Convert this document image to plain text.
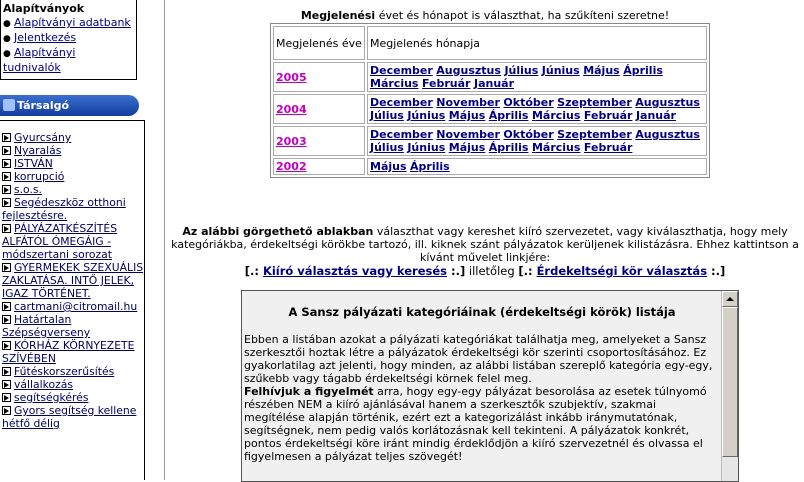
Alapítványok
● Alapítványi adatbank
● Jelentkezés
● Alapítványi tudnivalók
Társalgó
Gyurcsány
Nyaralás
ISTVÁN
korrupció
s.o.s.
Segédeszköz otthoni fejlesztésre.
PÁLYÁZATKÉSZÍTÉS ALFÁTÓL ÓMEGÁIG - módszertani sorozat
GYERMEKEK SZEXUÁLIS ZAKLATÁSA. INTŐ JELEK, IGAZ TÖRTÉNET.
cartmani@citromail.hu
Határtalan Szépségverseny
KÓRHÁZ KÖRNYEZETE SZÍVÉBEN
Fűtéskorszerűsítés
vállalkozás
segítségkérés
Gyors segítség kellene hétfő délig
Megjelenési évet és hónapot is választhat, ha szűkíteni szeretne!
Megjelenés éve	Megjelenés hónapja
2005	December Augusztus Július Június Május Április Március Február Január
2004	December November Október Szeptember Augusztus Július Június Május Április Március Február Január
2003	December November Október Szeptember Augusztus Július Június Május Április Március Február
2002	Május Április
Az alábbi görgethető ablakban választhat vagy kereshet kiíró szervezetet, vagy kiválaszthatja, hogy mely kategóriákba, érdekeltségi körökbe tartozó, ill. kiknek szánt pályázatok kerüljenek kilistázásra. Ehhez kattintson a kívánt művelet linkjére:
[.: Kiíró választás vagy keresés :.] illetőleg [.: Érdekeltségi kör választás :.]
A Sansz pályázati kategóriáinak (érdekeltségi körök) listája
Ebben a listában azokat a pályázati kategóriákat találhatja meg, amelyeket a Sansz szerkesztői hoztak létre a pályázatok érdekeltségi kör szerinti csoportosításához. Ez gyakorlatilag azt jelenti, hogy minden, az alábbi listában szereplő kategória egy-egy, szűkebb vagy tágabb érdekeltségi körnek felel meg.
Felhívjuk a figyelmét arra, hogy egy-egy pályázat besorolása az esetek túlnyomó részében NEM a kiíró ajánlásával hanem a szerkesztők szubjektív, szakmai megítélése alapján történik, ezért ezt a kategorizálást inkább iránymutatónak, segítségnek, nem pedig valós korlátozásnak kell tekinteni. A pályázatok konkrét, pontos érdekeltségi köre iránt mindig érdeklődjön a kiíró szervezetnél és olvassa el figyelmesen a pályázat teljes szövegét!
